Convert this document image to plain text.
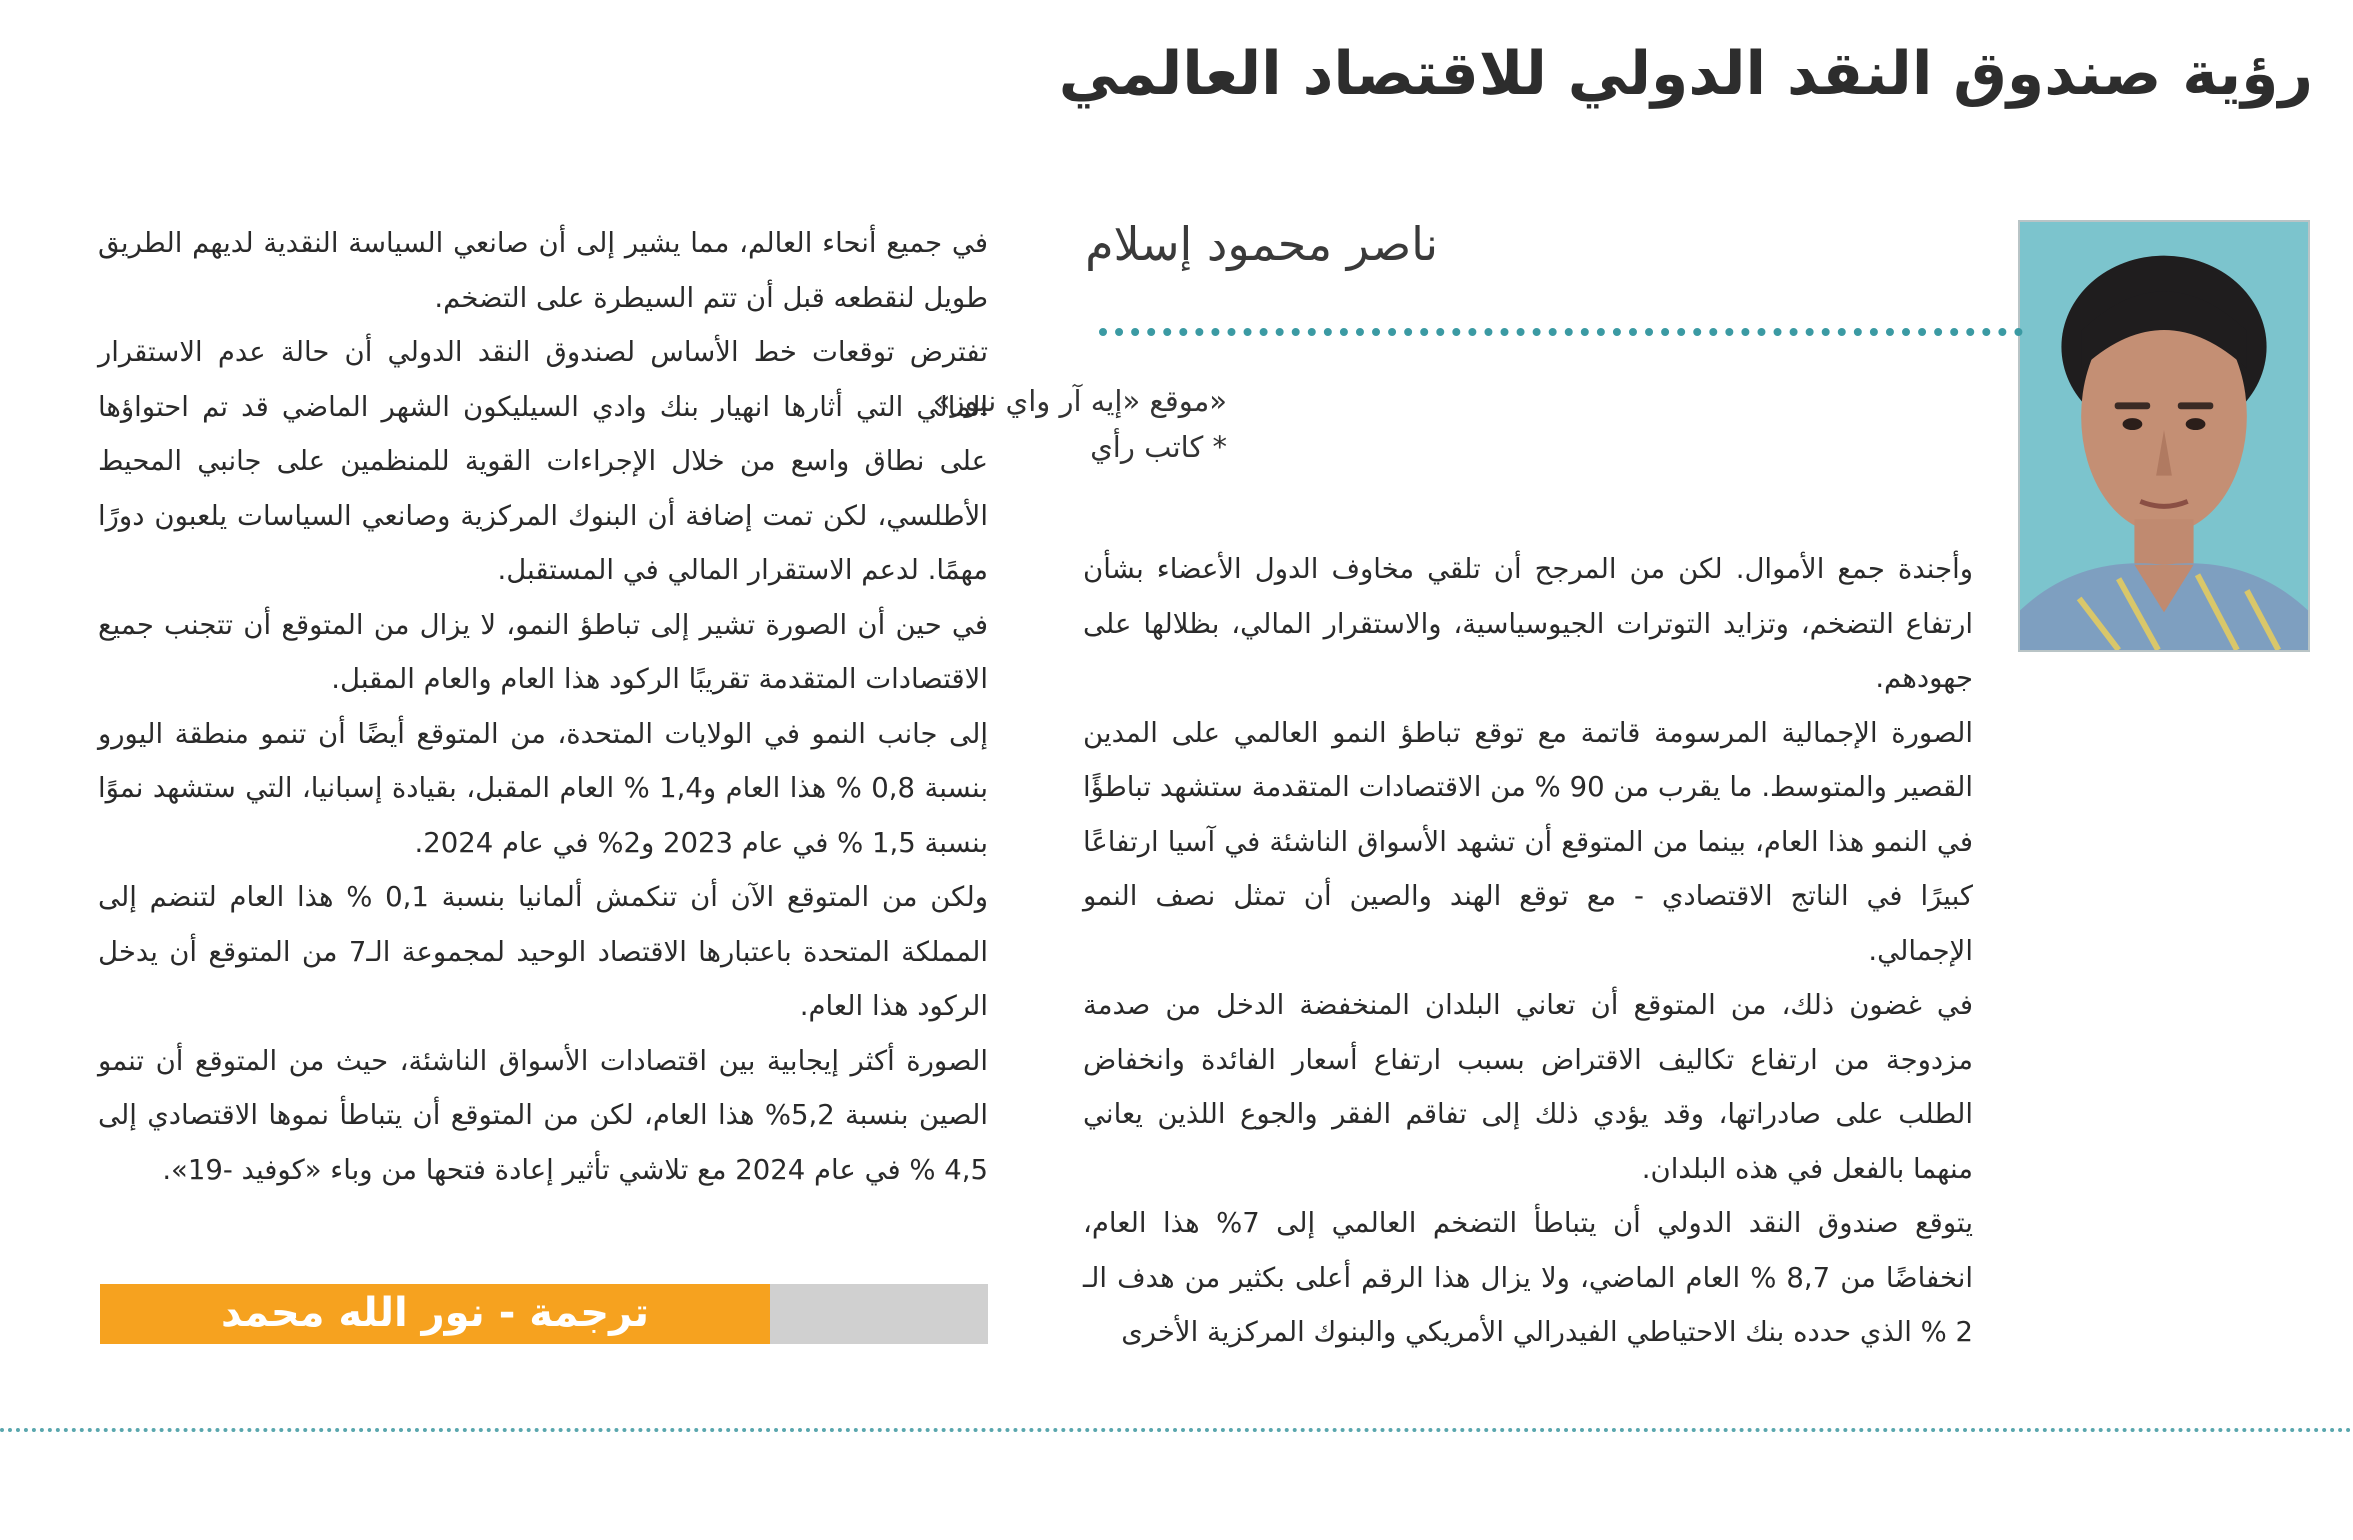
رؤية صندوق النقد الدولي للاقتصاد العالمي
ناصر محمود إسلام
«موقع «إيه آر واي نيوز»
* كاتب رأي

وأجندة جمع الأموال. لكن من المرجح أن تلقي مخاوف الدول الأعضاء بشأن ارتفاع التضخم، وتزايد التوترات الجيوسياسية، والاستقرار المالي، بظلالها على جهودهم.

الصورة الإجمالية المرسومة قاتمة مع توقع تباطؤ النمو العالمي على المدين القصير والمتوسط. ما يقرب من 90 % من الاقتصادات المتقدمة ستشهد تباطؤًا في النمو هذا العام، بينما من المتوقع أن تشهد الأسواق الناشئة في آسيا ارتفاعًا كبيرًا في الناتج الاقتصادي - مع توقع الهند والصين أن تمثل نصف النمو الإجمالي.

في غضون ذلك، من المتوقع أن تعاني البلدان المنخفضة الدخل من صدمة مزدوجة من ارتفاع تكاليف الاقتراض بسبب ارتفاع أسعار الفائدة وانخفاض الطلب على صادراتها، وقد يؤدي ذلك إلى تفاقم الفقر والجوع اللذين يعاني منهما بالفعل في هذه البلدان.

يتوقع صندوق النقد الدولي أن يتباطأ التضخم العالمي إلى 7% هذا العام، انخفاضًا من 8,7 % العام الماضي، ولا يزال هذا الرقم أعلى بكثير من هدف الـ 2 % الذي حدده بنك الاحتياطي الفيدرالي الأمريكي والبنوك المركزية الأخرى

في جميع أنحاء العالم، مما يشير إلى أن صانعي السياسة النقدية لديهم الطريق طويل لنقطعه قبل أن تتم السيطرة على التضخم.

تفترض توقعات خط الأساس لصندوق النقد الدولي أن حالة عدم الاستقرار المالي التي أثارها انهيار بنك وادي السيليكون الشهر الماضي قد تم احتواؤها على نطاق واسع من خلال الإجراءات القوية للمنظمين على جانبي المحيط الأطلسي، لكن تمت إضافة أن البنوك المركزية وصانعي السياسات يلعبون دورًا مهمًا. لدعم الاستقرار المالي في المستقبل.

في حين أن الصورة تشير إلى تباطؤ النمو، لا يزال من المتوقع أن تتجنب جميع الاقتصادات المتقدمة تقريبًا الركود هذا العام والعام المقبل.

إلى جانب النمو في الولايات المتحدة، من المتوقع أيضًا أن تنمو منطقة اليورو بنسبة 0,8 % هذا العام و1,4 % العام المقبل، بقيادة إسبانيا، التي ستشهد نموًا بنسبة 1,5 % في عام 2023 و2% في عام 2024.

ولكن من المتوقع الآن أن تنكمش ألمانيا بنسبة 0,1 % هذا العام لتنضم إلى المملكة المتحدة باعتبارها الاقتصاد الوحيد لمجموعة الـ7 من المتوقع أن يدخل الركود هذا العام.

الصورة أكثر إيجابية بين اقتصادات الأسواق الناشئة، حيث من المتوقع أن تنمو الصين بنسبة 5,2% هذا العام، لكن من المتوقع أن يتباطأ نموها الاقتصادي إلى 4,5 % في عام 2024 مع تلاشي تأثير إعادة فتحها من وباء «كوفيد -19».

ترجمة - نور الله محمد
